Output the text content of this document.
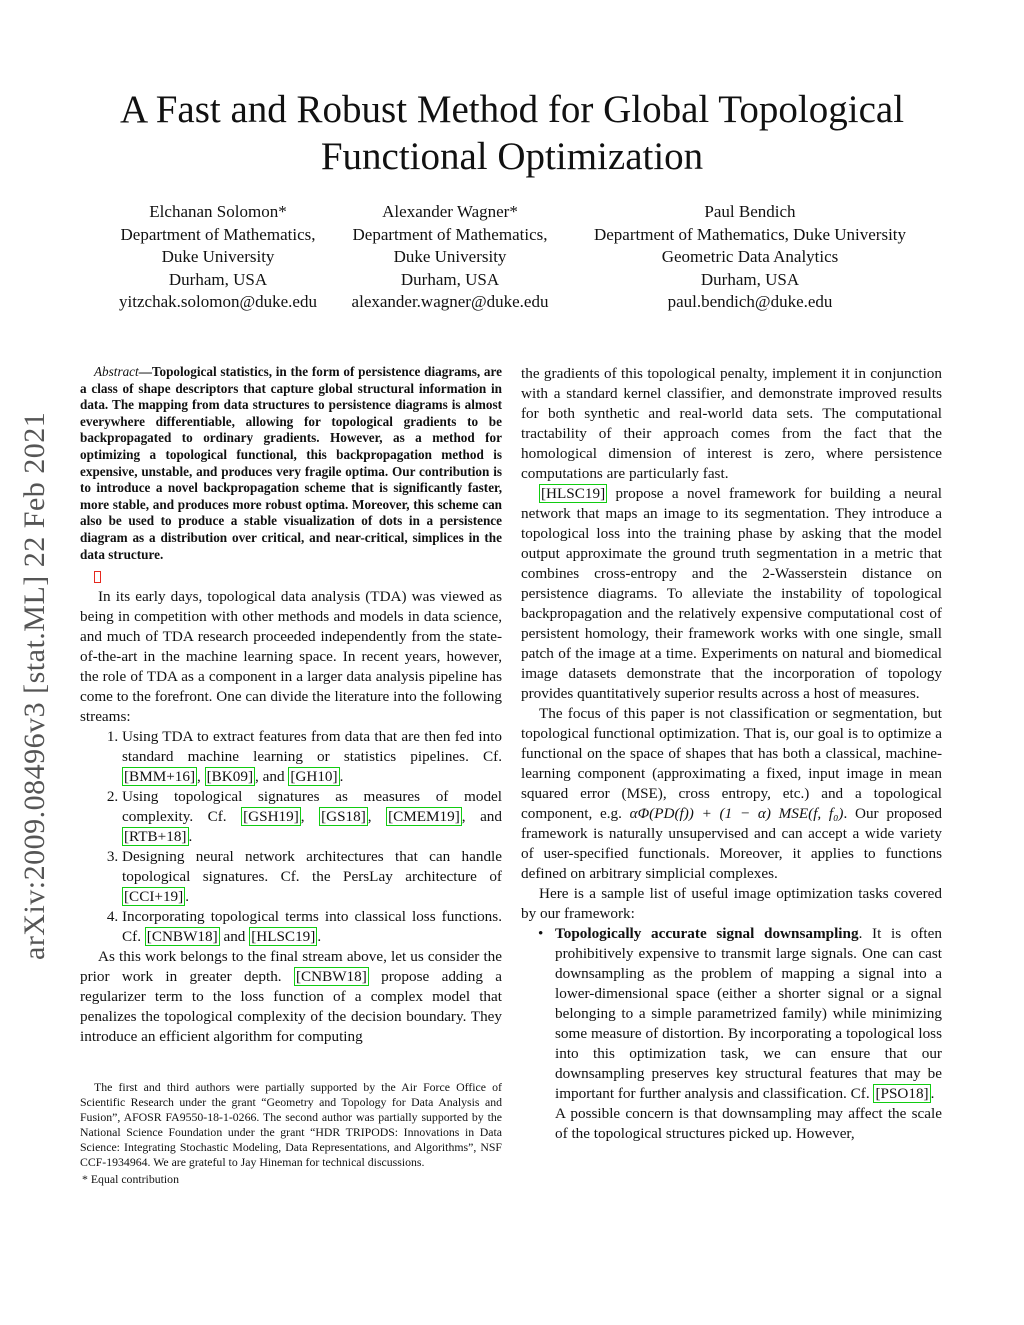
A Fast and Robust Method for Global Topological Functional Optimization
Elchanan Solomon*
Department of Mathematics,
Duke University
Durham, USA
yitzchak.solomon@duke.edu
Alexander Wagner*
Department of Mathematics,
Duke University
Durham, USA
alexander.wagner@duke.edu
Paul Bendich
Department of Mathematics, Duke University
Geometric Data Analytics
Durham, USA
paul.bendich@duke.edu
arXiv:2009.08496v3 [stat.ML] 22 Feb 2021

Abstract—Topological statistics, in the form of persistence diagrams, are a class of shape descriptors that capture global structural information in data. The mapping from data structures to persistence diagrams is almost everywhere differentiable, allowing for topological gradients to be backpropagated to ordinary gradients. However, as a method for optimizing a topological functional, this backpropagation method is expensive, unstable, and produces very fragile optima. Our contribution is to introduce a novel backpropagation scheme that is significantly faster, more stable, and produces more robust optima. Moreover, this scheme can also be used to produce a stable visualization of dots in a persistence diagram as a distribution over critical, and near-critical, simplices in the data structure.

In its early days, topological data analysis (TDA) was viewed as being in competition with other methods and models in data science, and much of TDA research proceeded independently from the state-of-the-art in the machine learning space. In recent years, however, the role of TDA as a component in a larger data analysis pipeline has come to the forefront. One can divide the literature into the following streams:

1. Using TDA to extract features from data that are then fed into standard machine learning or statistics pipelines. Cf. [BMM+16] , [BK09] , and [GH10] .
2. Using topological signatures as measures of model complexity. Cf. [GSH19] , [GS18] , [CMEM19] , and [RTB+18] .
3. Designing neural network architectures that can handle topological signatures. Cf. the PersLay architecture of [CCI+19] .
4. Incorporating topological terms into classical loss functions. Cf. [CNBW18] and [HLSC19] .

As this work belongs to the final stream above, let us consider the prior work in greater depth. [CNBW18] propose adding a regularizer term to the loss function of a complex model that penalizes the topological complexity of the decision boundary. They introduce an efficient algorithm for computing

The first and third authors were partially supported by the Air Force Office of Scientific Research under the grant “Geometry and Topology for Data Analysis and Fusion”, AFOSR FA9550-18-1-0266. The second author was partially supported by the National Science Foundation under the grant “HDR TRIPODS: Innovations in Data Science: Integrating Stochastic Modeling, Data Representations, and Algorithms”, NSF CCF-1934964. We are grateful to Jay Hineman for technical discussions.

* Equal contribution

the gradients of this topological penalty, implement it in conjunction with a standard kernel classifier, and demonstrate improved results for both synthetic and real-world data sets. The computational tractability of their approach comes from the fact that the homological dimension of interest is zero, where persistence computations are particularly fast.

[HLSC19] propose a novel framework for building a neural network that maps an image to its segmentation. They introduce a topological loss into the training phase by asking that the model output approximate the ground truth segmentation in a metric that combines cross-entropy and the 2-Wasserstein distance on persistence diagrams. To alleviate the instability of topological backpropagation and the relatively expensive computational cost of persistent homology, their framework works with one single, small patch of the image at a time. Experiments on natural and biomedical image datasets demonstrate that the incorporation of topology provides quantitatively superior results across a host of measures.

The focus of this paper is not classification or segmentation, but topological functional optimization. That is, our goal is to optimize a functional on the space of shapes that has both a classical, machine-learning component (approximating a fixed, input image in mean squared error (MSE), cross entropy, etc.) and a topological component, e.g. αΦ(PD(f)) + (1 − α) MSE(f, f₀). Our proposed framework is naturally unsupervised and can accept a wide variety of user-specified functionals. Moreover, it applies to functions defined on arbitrary simplicial complexes.

Here is a sample list of useful image optimization tasks covered by our framework:

• Topologically accurate signal downsampling. It is often prohibitively expensive to transmit large signals. One can cast downsampling as the problem of mapping a signal into a lower-dimensional space (either a shorter signal or a signal belonging to a simple parametrized family) while minimizing some measure of distortion. By incorporating a topological loss into this optimization task, we can ensure that our downsampling preserves key structural features that may be important for further analysis and classification. Cf. [PSO18] .

A possible concern is that downsampling may affect the scale of the topological structures picked up. However,
